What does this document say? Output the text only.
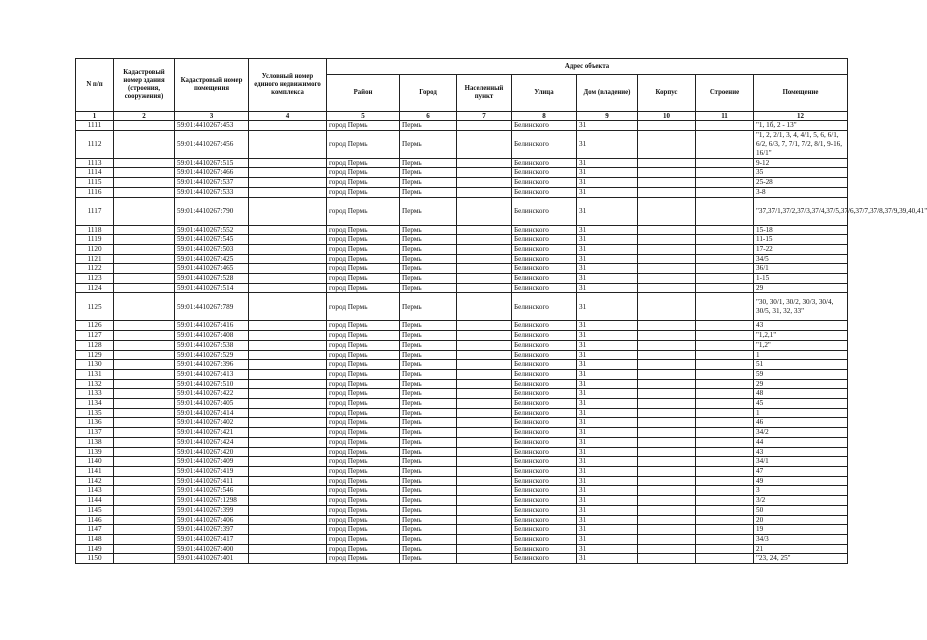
N п/п	Кадастровый номер здания (строения, сооружения)	Кадастровый номер помещения	Условный номер единого недвижимого комплекса	Адрес объекта							
				Район	Город	Населенный пункт	Улица	Дом (владение)	Корпус	Строение	Помещение
1	2	3	4	5	6	7	8	9	10	11	12
1111		59:01:4410267:453		город Пермь	Пермь		Белинского	31			"1, 1б, 2 - 13"
1112		59:01:4410267:456		город Пермь	Пермь		Белинского	31			"1, 2, 2/1, 3, 4, 4/1, 5, 6, 6/1, 6/2, 6/3, 7, 7/1, 7/2, 8/1, 9-16, 16/1"
1113		59:01:4410267:515		город Пермь	Пермь		Белинского	31			9-12
1114		59:01:4410267:466		город Пермь	Пермь		Белинского	31			35
1115		59:01:4410267:537		город Пермь	Пермь		Белинского	31			25-28
1116		59:01:4410267:533		город Пермь	Пермь		Белинского	31			3-8
1117		59:01:4410267:790		город Пермь	Пермь		Белинского	31			"37,37/1,37/2,37/3,37/4,37/5,37/6,37/7,37/8,37/9,39,40,41"
1118		59:01:4410267:552		город Пермь	Пермь		Белинского	31			15-18
1119		59:01:4410267:545		город Пермь	Пермь		Белинского	31			11-15
1120		59:01:4410267:503		город Пермь	Пермь		Белинского	31			17-22
1121		59:01:4410267:425		город Пермь	Пермь		Белинского	31			34/5
1122		59:01:4410267:465		город Пермь	Пермь		Белинского	31			36/1
1123		59:01:4410267:528		город Пермь	Пермь		Белинского	31			1-15
1124		59:01:4410267:514		город Пермь	Пермь		Белинского	31			29
1125		59:01:4410267:789		город Пермь	Пермь		Белинского	31			"30, 30/1, 30/2, 30/3, 30/4, 30/5, 31, 32, 33"
1126		59:01:4410267:416		город Пермь	Пермь		Белинского	31			43
1127		59:01:4410267:408		город Пермь	Пермь		Белинского	31			"1,2,1"
1128		59:01:4410267:538		город Пермь	Пермь		Белинского	31			"1,2"
1129		59:01:4410267:529		город Пермь	Пермь		Белинского	31			1
1130		59:01:4410267:396		город Пермь	Пермь		Белинского	31			51
1131		59:01:4410267:413		город Пермь	Пермь		Белинского	31			59
1132		59:01:4410267:510		город Пермь	Пермь		Белинского	31			29
1133		59:01:4410267:422		город Пермь	Пермь		Белинского	31			48
1134		59:01:4410267:405		город Пермь	Пермь		Белинского	31			45
1135		59:01:4410267:414		город Пермь	Пермь		Белинского	31			1
1136		59:01:4410267:402		город Пермь	Пермь		Белинского	31			46
1137		59:01:4410267:421		город Пермь	Пермь		Белинского	31			34/2
1138		59:01:4410267:424		город Пермь	Пермь		Белинского	31			44
1139		59:01:4410267:420		город Пермь	Пермь		Белинского	31			43
1140		59:01:4410267:409		город Пермь	Пермь		Белинского	31			34/1
1141		59:01:4410267:419		город Пермь	Пермь		Белинского	31			47
1142		59:01:4410267:411		город Пермь	Пермь		Белинского	31			49
1143		59:01:4410267:546		город Пермь	Пермь		Белинского	31			3
1144		59:01:4410267:1298		город Пермь	Пермь		Белинского	31			3/2
1145		59:01:4410267:399		город Пермь	Пермь		Белинского	31			50
1146		59:01:4410267:406		город Пермь	Пермь		Белинского	31			20
1147		59:01:4410267:397		город Пермь	Пермь		Белинского	31			19
1148		59:01:4410267:417		город Пермь	Пермь		Белинского	31			34/3
1149		59:01:4410267:400		город Пермь	Пермь		Белинского	31			21
1150		59:01:4410267:401		город Пермь	Пермь		Белинского	31			"23, 24, 25"
